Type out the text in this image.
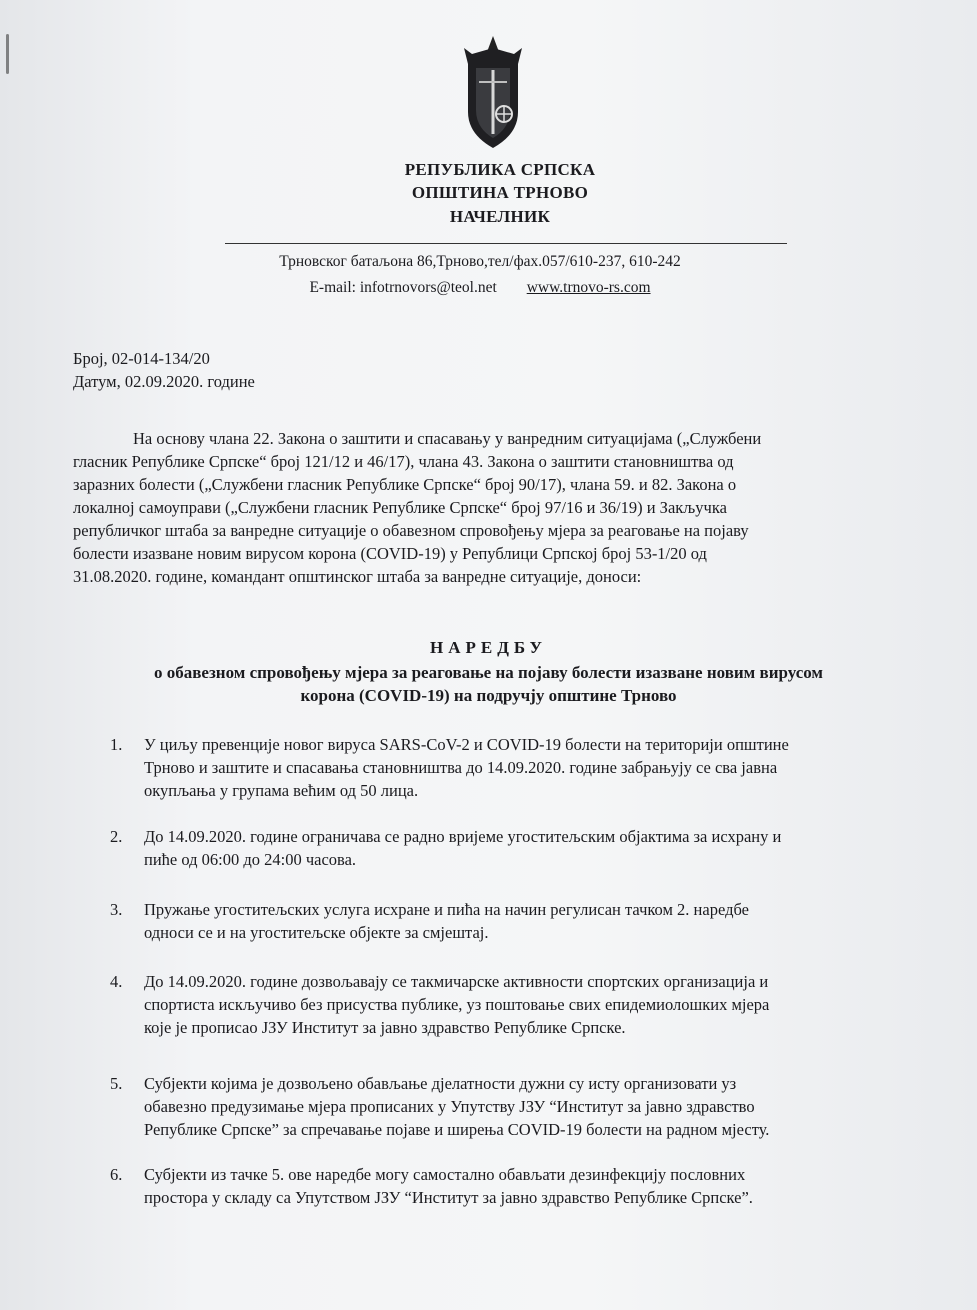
РЕПУБЛИКА СРПСКА
ОПШТИНА ТРНОВО
НАЧЕЛНИК
Трновског батаљона 86,Трново,тел/фах.057/610-237, 610-242
E-mail: infotrnovors@teol.net www.trnovo-rs.com
Број, 02-014-134/20
Датум, 02.09.2020. године
На основу члана 22. Закона о заштити и спасавању у ванредним ситуацијама („Службени
гласник Републике Српске“ број 121/12 и 46/17), члана 43. Закона о заштити становништва од
заразних болести („Службени гласник Републике Српске“ број 90/17), члана 59. и 82. Закона о
локалној самоуправи („Службени гласник Републике Српске“ број 97/16 и 36/19) и Закључка
републичког штаба за ванредне ситуације о обавезном спровођењу мјера за реаговање на појаву
болести изазване новим вирусом корона (COVID-19) у Републици Српској број 53-1/20 од
31.08.2020. године, командант општинског штаба за ванредне ситуације, доноси:
НАРЕДБУ
о обавезном спровођењу мјера за реаговање на појаву болести изазване новим вирусом
корона (COVID-19) на подручју општине Трново
1.	У циљу превенције новог вируса SARS-CoV-2 и COVID-19 болести на територији општине
Трново и заштите и спасавања становништва до 14.09.2020. године забрањују се сва јавна
окупљања у групама већим од 50 лица.
2.	До 14.09.2020. године ограничава се радно вријеме угоститељским објактима за исхрану и
пиће од 06:00 до 24:00 часова.
3.	Пружање угоститељских услуга исхране и пића на начин регулисан тачком 2. наредбе
односи се и на угоститељске објекте за смјештај.
4.	До 14.09.2020. године дозвољавају се такмичарске активности спортских организација и
спортиста искључиво без присуства публике, уз поштовање свих епидемиолошких мјера
које је прописао ЈЗУ Институт за јавно здравство Републике Српске.
5.	Субјекти којима је дозвољено обављање дјелатности дужни су исту организовати уз
обавезно предузимање мјера прописаних у Упутству ЈЗУ “Институт за јавно здравство
Републике Српске” за спречавање појаве и ширења COVID-19 болести на радном мјесту.
6.	Субјекти из тачке 5. ове наредбе могу самостално обављати дезинфекцију пословних
простора у складу са Упутством ЈЗУ “Институт за јавно здравство Републике Српске”.
